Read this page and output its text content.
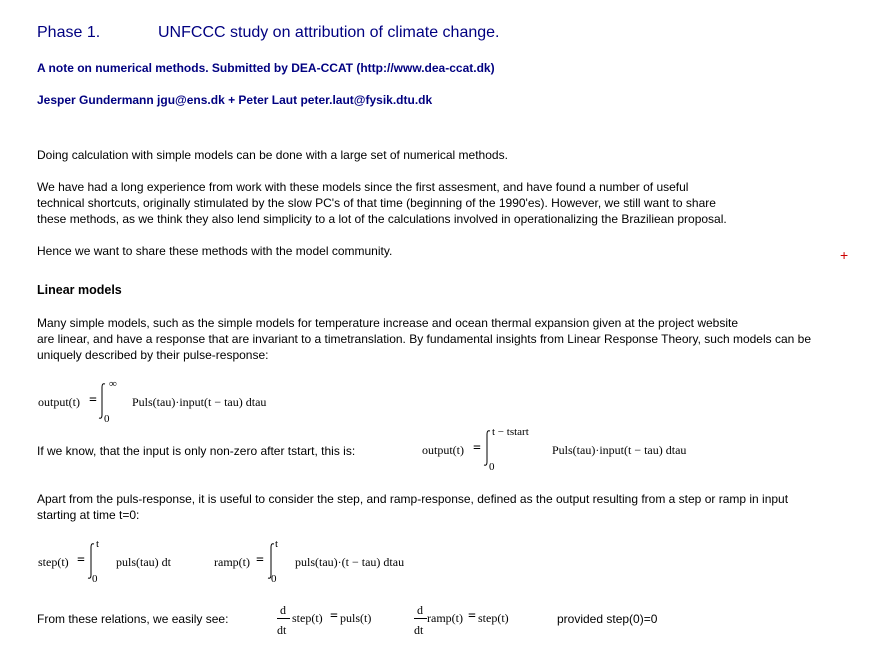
Phase 1.	UNFCCC study on attribution of climate change.
A note on numerical methods. Submitted by DEA-CCAT (http://www.dea-ccat.dk)
Jesper Gundermann jgu@ens.dk + Peter Laut peter.laut@fysik.dtu.dk
Doing calculation with simple models can be done with a large set of numerical methods.
We have had a long experience from work with these models since the first assesment, and have found a number of useful
technical shortcuts, originally stimulated by the slow PC's of that time (beginning of the 1990'es). However, we still want to share
these methods, as we think they also lend simplicity to a lot of the calculations involved in operationalizing the Braziliean proposal.
Hence we want to share these methods with the model community.	+
Linear models
Many simple models, such as the simple models for temperature increase and ocean thermal expansion given at the project website
are linear, and have a response that are invariant to a timetranslation. By fundamental insights from Linear Response Theory, such models can be
uniquely described by their pulse-response:
output(t) =
∞
0
Puls(tau)·input(t − tau) dtau
If we know, that the input is only non-zero after tstart, this is:	output(t) =
t − tstart
0
Puls(tau)·input(t − tau) dtau
Apart from the puls-response, it is useful to consider the step, and ramp-response, defined as the output resulting from a step or ramp in input
starting at time t=0:
step(t) =
t
0
puls(tau) dt	ramp(t) =
t
0
puls(tau)·(t − tau) dtau
From these relations, we easily see:
d
dt
step(t) = puls(t)
d
dt
ramp(t) = step(t)	provided step(0)=0
